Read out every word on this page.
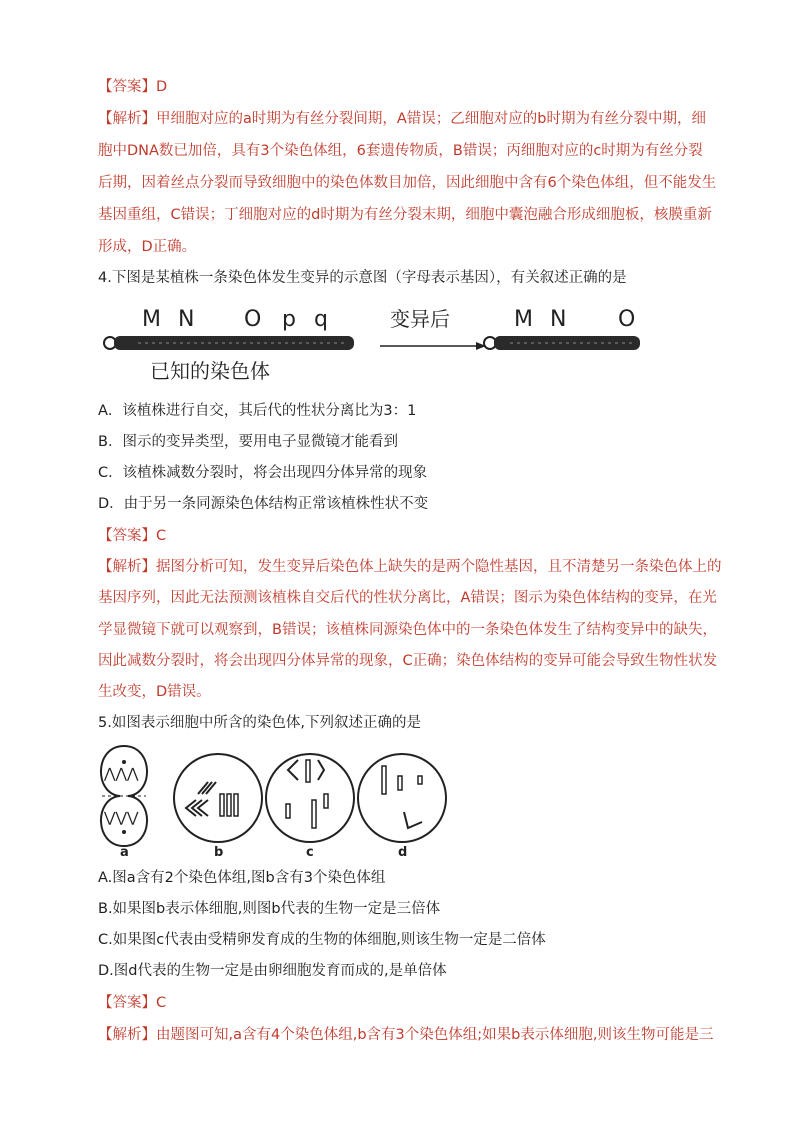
【答案】D
【解析】甲细胞对应的a时期为有丝分裂间期，A错误；乙细胞对应的b时期为有丝分裂中期，细
胞中DNA数已加倍，具有3个染色体组，6套遗传物质，B错误；丙细胞对应的c时期为有丝分裂
后期，因着丝点分裂而导致细胞中的染色体数目加倍，因此细胞中含有6个染色体组，但不能发生
基因重组，C错误；丁细胞对应的d时期为有丝分裂末期，细胞中囊泡融合形成细胞板，核膜重新
形成，D正确。
4.下图是某植株一条染色体发生变异的示意图（字母表示基因），有关叙述正确的是
M N O p q	变异后	M N O
已知的染色体
A．该植株进行自交，其后代的性状分离比为3：1
B．图示的变异类型，要用电子显微镜才能看到
C．该植株减数分裂时，将会出现四分体异常的现象
D．由于另一条同源染色体结构正常该植株性状不变
【答案】C
【解析】据图分析可知，发生变异后染色体上缺失的是两个隐性基因，且不清楚另一条染色体上的
基因序列，因此无法预测该植株自交后代的性状分离比，A错误；图示为染色体结构的变异，在光
学显微镜下就可以观察到，B错误；该植株同源染色体中的一条染色体发生了结构变异中的缺失，
因此减数分裂时，将会出现四分体异常的现象，C正确；染色体结构的变异可能会导致生物性状发
生改变，D错误。
5.如图表示细胞中所含的染色体,下列叙述正确的是
⋀⋀⋀
⋁⋁⋁
a	b	c	d
A.图a含有2个染色体组,图b含有3个染色体组
B.如果图b表示体细胞,则图b代表的生物一定是三倍体
C.如果图c代表由受精卵发育成的生物的体细胞,则该生物一定是二倍体
D.图d代表的生物一定是由卵细胞发育而成的,是单倍体
【答案】C
【解析】由题图可知,a含有4个染色体组,b含有3个染色体组;如果b表示体细胞,则该生物可能是三
